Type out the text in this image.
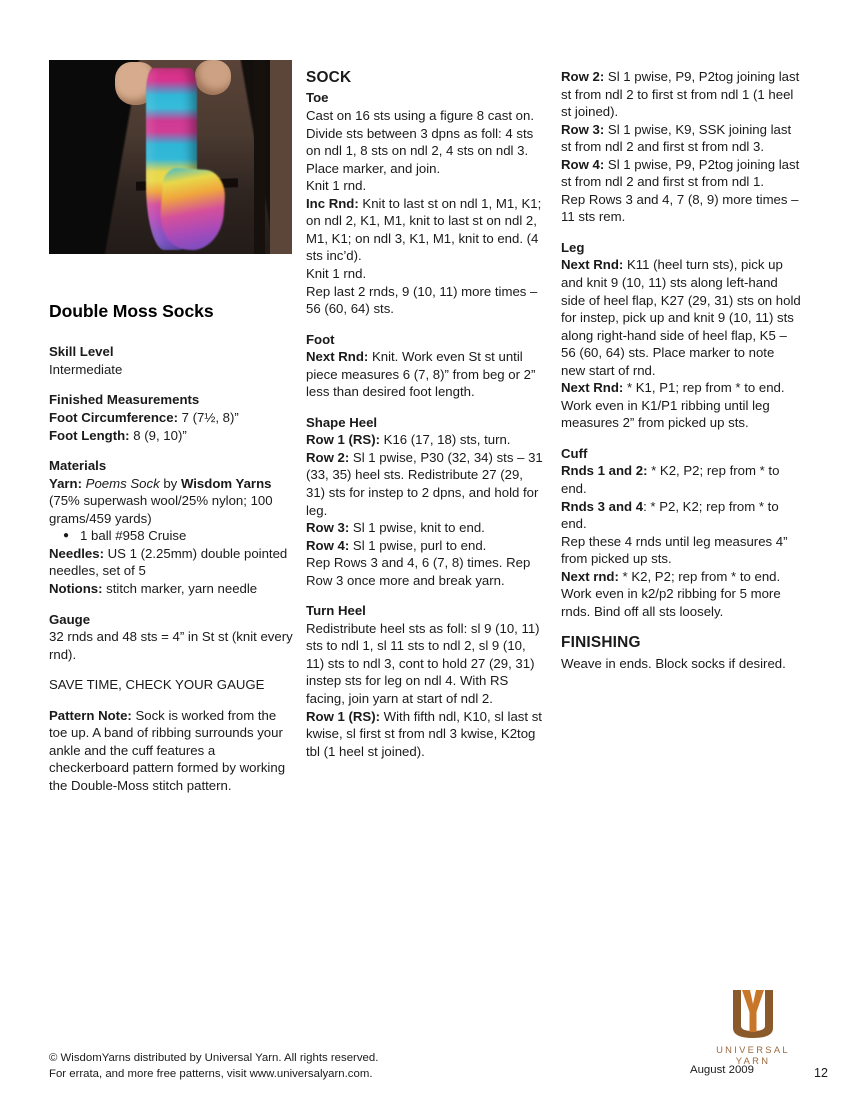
Double Moss Socks

Skill Level

Intermediate

Finished Measurements

Foot Circumference: 7 (7½, 8)”

Foot Length: 8 (9, 10)”

Materials

Yarn: Poems Sock by Wisdom Yarns

(75% superwash wool/25% nylon; 100 grams/459 yards)

● 1 ball #958 Cruise

Needles: US 1 (2.25mm) double pointed needles, set of 5

Notions: stitch marker, yarn needle

Gauge

32 rnds and 48 sts = 4” in St st (knit every rnd).

SAVE TIME, CHECK YOUR GAUGE

Pattern Note: Sock is worked from the toe up. A band of ribbing surrounds your ankle and the cuff features a checkerboard pattern formed by working the Double-Moss stitch pattern.

SOCK

Toe

Cast on 16 sts using a figure 8 cast on. Divide sts between 3 dpns as foll: 4 sts on ndl 1, 8 sts on ndl 2, 4 sts on ndl 3. Place marker, and join.

Knit 1 rnd.

Inc Rnd: Knit to last st on ndl 1, M1, K1; on ndl 2, K1, M1, knit to last st on ndl 2, M1, K1; on ndl 3, K1, M1, knit to end. (4 sts inc’d).

Knit 1 rnd.

Rep last 2 rnds, 9 (10, 11) more times – 56 (60, 64) sts.

Foot

Next Rnd: Knit. Work even St st until piece measures 6 (7, 8)” from beg or 2” less than desired foot length.

Shape Heel

Row 1 (RS): K16 (17, 18) sts, turn.

Row 2: Sl 1 pwise, P30 (32, 34) sts – 31 (33, 35) heel sts. Redistribute 27 (29, 31) sts for instep to 2 dpns, and hold for leg.

Row 3: Sl 1 pwise, knit to end.

Row 4: Sl 1 pwise, purl to end.

Rep Rows 3 and 4, 6 (7, 8) times. Rep Row 3 once more and break yarn.

Turn Heel

Redistribute heel sts as foll: sl 9 (10, 11) sts to ndl 1, sl 11 sts to ndl 2, sl 9 (10, 11) sts to ndl 3, cont to hold 27 (29, 31) instep sts for leg on ndl 4. With RS facing, join yarn at start of ndl 2.

Row 1 (RS): With fifth ndl, K10, sl last st kwise, sl first st from ndl 3 kwise, K2tog tbl (1 heel st joined).

Row 2: Sl 1 pwise, P9, P2tog joining last st from ndl 2 to first st from ndl 1 (1 heel st joined).

Row 3: Sl 1 pwise, K9, SSK joining last st from ndl 2 and first st from ndl 3.

Row 4: Sl 1 pwise, P9, P2tog joining last st from ndl 2 and first st from ndl 1.

Rep Rows 3 and 4, 7 (8, 9) more times – 11 sts rem.

Leg

Next Rnd: K11 (heel turn sts), pick up and knit 9 (10, 11) sts along left-hand side of heel flap, K27 (29, 31) sts on hold for instep, pick up and knit 9 (10, 11) sts along right-hand side of heel flap, K5 – 56 (60, 64) sts. Place marker to note new start of rnd.

Next Rnd: * K1, P1; rep from * to end. Work even in K1/P1 ribbing until leg measures 2” from picked up sts.

Cuff

Rnds 1 and 2: * K2, P2; rep from * to end.

Rnds 3 and 4: * P2, K2; rep from * to end.

Rep these 4 rnds until leg measures 4” from picked up sts.

Next rnd: * K2, P2; rep from * to end.

Work even in k2/p2 ribbing for 5 more rnds. Bind off all sts loosely.

FINISHING

Weave in ends. Block socks if desired.

© WisdomYarns distributed by Universal Yarn. All rights reserved.
For errata, and more free patterns, visit www.universalyarn.com.
UNIVERSAL YARN
August 2009	12
